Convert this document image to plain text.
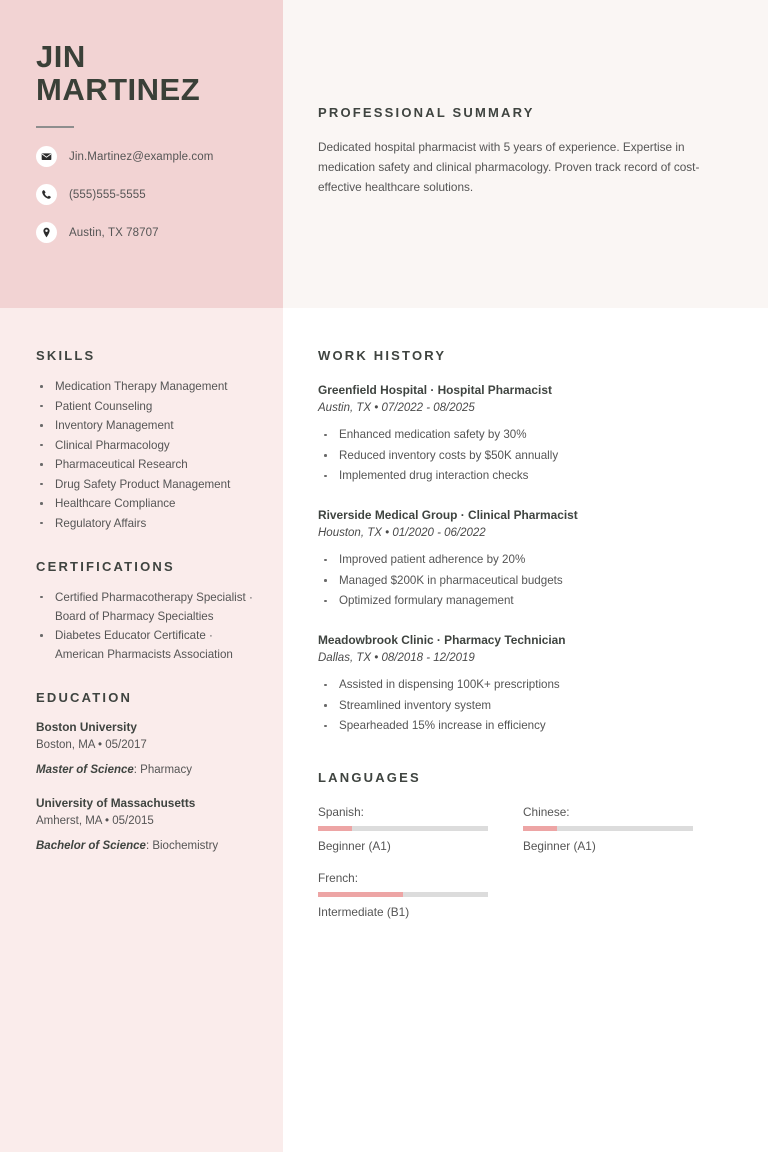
JIN
MARTINEZ
Jin.Martinez@example.com
(555)555-5555
Austin, TX 78707
PROFESSIONAL SUMMARY

Dedicated hospital pharmacist with 5 years of experience. Expertise in medication safety and clinical pharmacology. Proven track record of cost-effective healthcare solutions.

SKILLS
Medication Therapy Management
Patient Counseling
Inventory Management
Clinical Pharmacology
Pharmaceutical Research
Drug Safety Product Management
Healthcare Compliance
Regulatory Affairs
CERTIFICATIONS
Certified Pharmacotherapy Specialist · Board of Pharmacy Specialties
Diabetes Educator Certificate · American Pharmacists Association
EDUCATION
Boston University
Boston, MA • 05/2017
Master of Science: Pharmacy
University of Massachusetts
Amherst, MA • 05/2015
Bachelor of Science: Biochemistry
WORK HISTORY
Greenfield Hospital · Hospital Pharmacist
Austin, TX • 07/2022 - 08/2025
Enhanced medication safety by 30%
Reduced inventory costs by $50K annually
Implemented drug interaction checks
Riverside Medical Group · Clinical Pharmacist
Houston, TX • 01/2020 - 06/2022
Improved patient adherence by 20%
Managed $200K in pharmaceutical budgets
Optimized formulary management
Meadowbrook Clinic · Pharmacy Technician
Dallas, TX • 08/2018 - 12/2019
Assisted in dispensing 100K+ prescriptions
Streamlined inventory system
Spearheaded 15% increase in efficiency
LANGUAGES
Spanish:
Beginner (A1)
Chinese:
Beginner (A1)
French:
Intermediate (B1)
